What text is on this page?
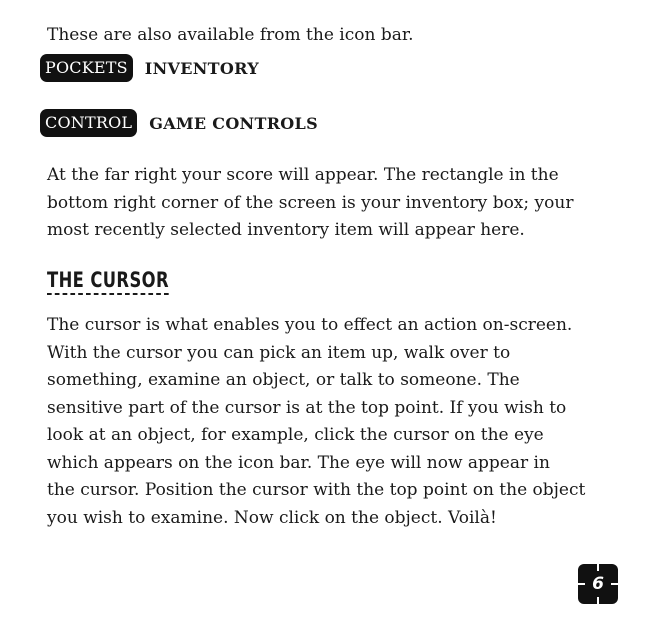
These are also available from the icon bar.
POCKETS	INVENTORY
CONTROL	GAME CONTROLS
At the far right your score will appear. The rectangle in the
bottom right corner of the screen is your inventory box; your
most recently selected inventory item will appear here.
THE CURSOR
The cursor is what enables you to effect an action on-screen.
With the cursor you can pick an item up, walk over to
something, examine an object, or talk to someone. The
sensitive part of the cursor is at the top point. If you wish to
look at an object, for example, click the cursor on the eye
which appears on the icon bar. The eye will now appear in
the cursor. Position the cursor with the top point on the object
you wish to examine. Now click on the object. Voilà!
6
